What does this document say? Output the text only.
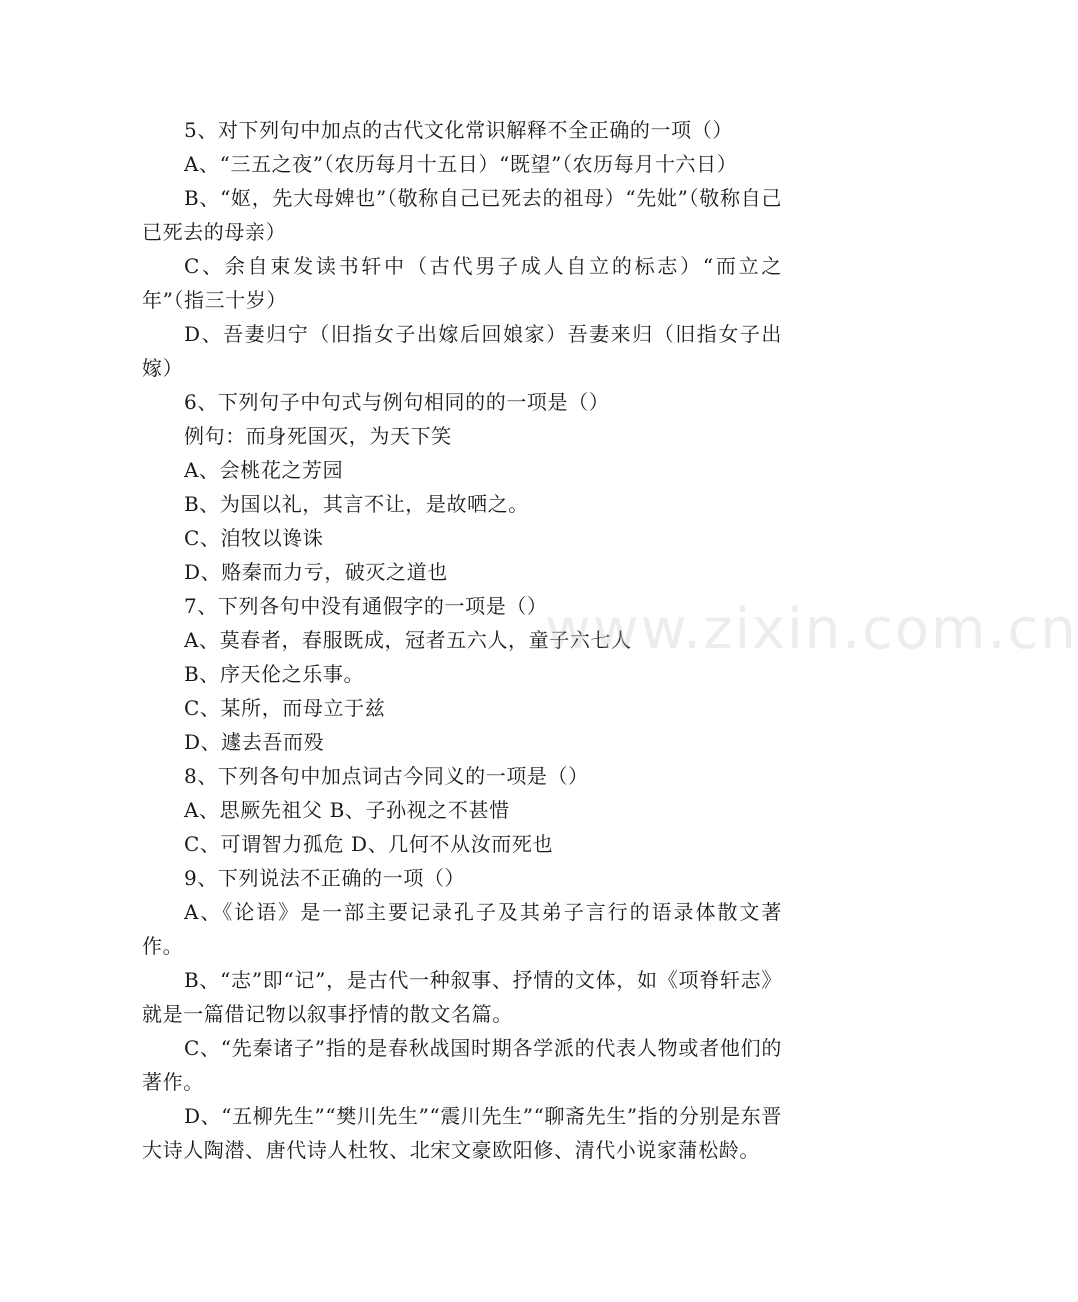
5、对下列句中加点的古代文化常识解释不全正确的一项（）

A、“三五之夜”（农历每月十五日）“既望”（农历每月十六日）

B、“妪，先大母婢也”（敬称自己已死去的祖母）“先妣”（敬称自己已死去的母亲）

C、余自束发读书轩中（古代男子成人自立的标志）“而立之年”（指三十岁）

D、吾妻归宁（旧指女子出嫁后回娘家）吾妻来归（旧指女子出嫁）

6、下列句子中句式与例句相同的的一项是（）

例句：而身死国灭，为天下笑

A、会桃花之芳园

B、为国以礼，其言不让，是故哂之。

C、洎牧以谗诛

D、赂秦而力亏，破灭之道也

7、下列各句中没有通假字的一项是（）

A、莫春者，春服既成，冠者五六人，童子六七人

B、序天伦之乐事。

C、某所，而母立于兹

D、遽去吾而殁

8、下列各句中加点词古今同义的一项是（）

A、思厥先祖父 B、子孙视之不甚惜

C、可谓智力孤危 D、几何不从汝而死也

9、下列说法不正确的一项（）

A、《论语》是一部主要记录孔子及其弟子言行的语录体散文著作。

B、“志”即“记”，是古代一种叙事、抒情的文体，如《项脊轩志》就是一篇借记物以叙事抒情的散文名篇。

C、“先秦诸子”指的是春秋战国时期各学派的代表人物或者他们的著作。

D、“五柳先生”“樊川先生”“震川先生”“聊斋先生”指的分别是东晋大诗人陶潜、唐代诗人杜牧、北宋文豪欧阳修、清代小说家蒲松龄。

www.zixin.com.cn
